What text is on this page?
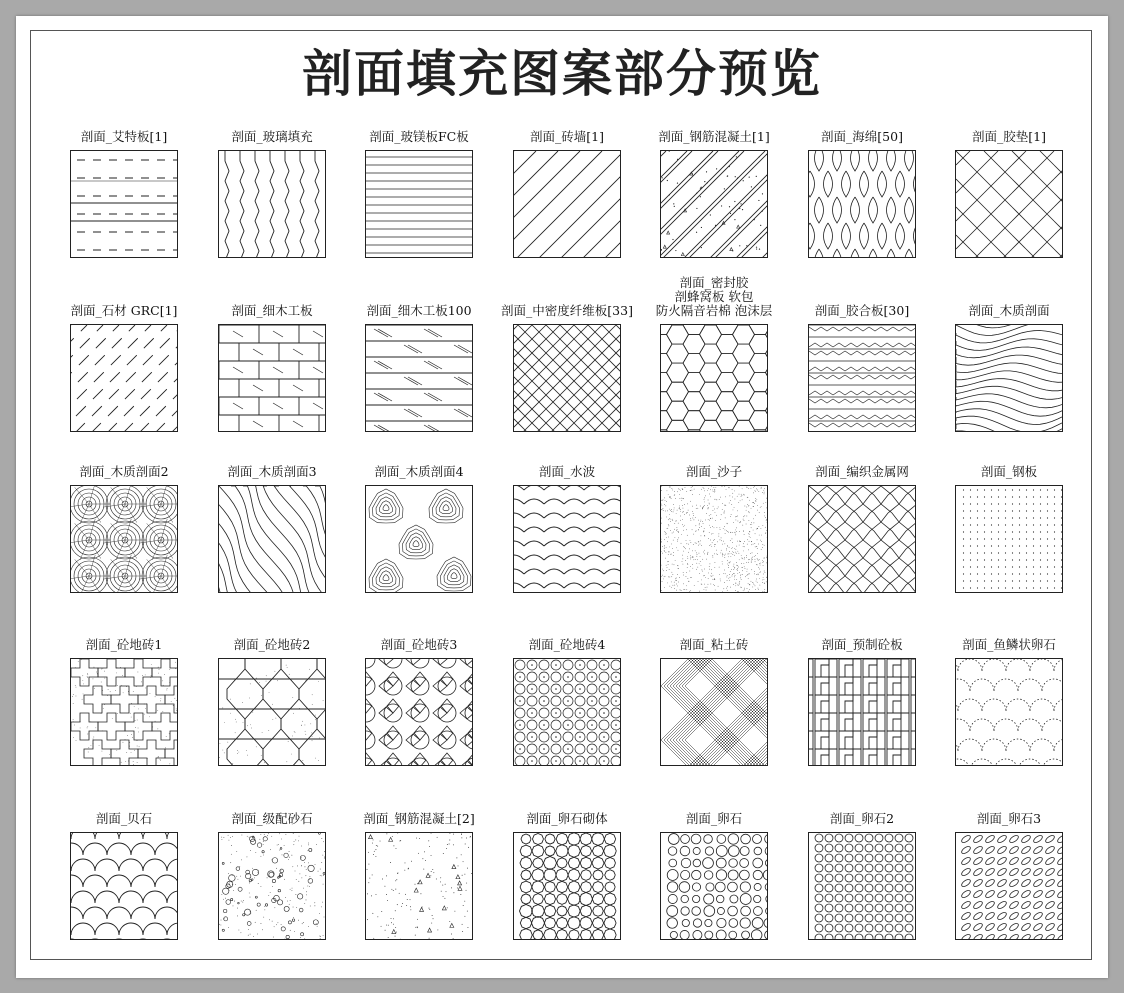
剖面填充图案部分预览
剖面_艾特板[1]	剖面_玻璃填充	剖面_玻镁板FC板	剖面_砖墙[1]	剖面_钢筋混凝土[1]	剖面_海绵[50]	剖面_胶垫[1]
剖面_石材 GRC[1]	剖面_细木工板	剖面_细木工板100	剖面_中密度纤维板[33]
剖面_密封胶
剖蜂窝板 软包
防火隔音岩棉 泡沫层	剖面_胶合板[30]	剖面_木质剖面
剖面_木质剖面2	剖面_木质剖面3	剖面_木质剖面4	剖面_水波	剖面_沙子	剖面_编织金属网	剖面_钢板
剖面_砼地砖1	剖面_砼地砖2	剖面_砼地砖3	剖面_砼地砖4	剖面_粘土砖	剖面_预制砼板	剖面_鱼鳞状卵石
剖面_贝石	剖面_级配砂石	剖面_钢筋混凝土[2]	剖面_卵石砌体	剖面_卵石	剖面_卵石2	剖面_卵石3
